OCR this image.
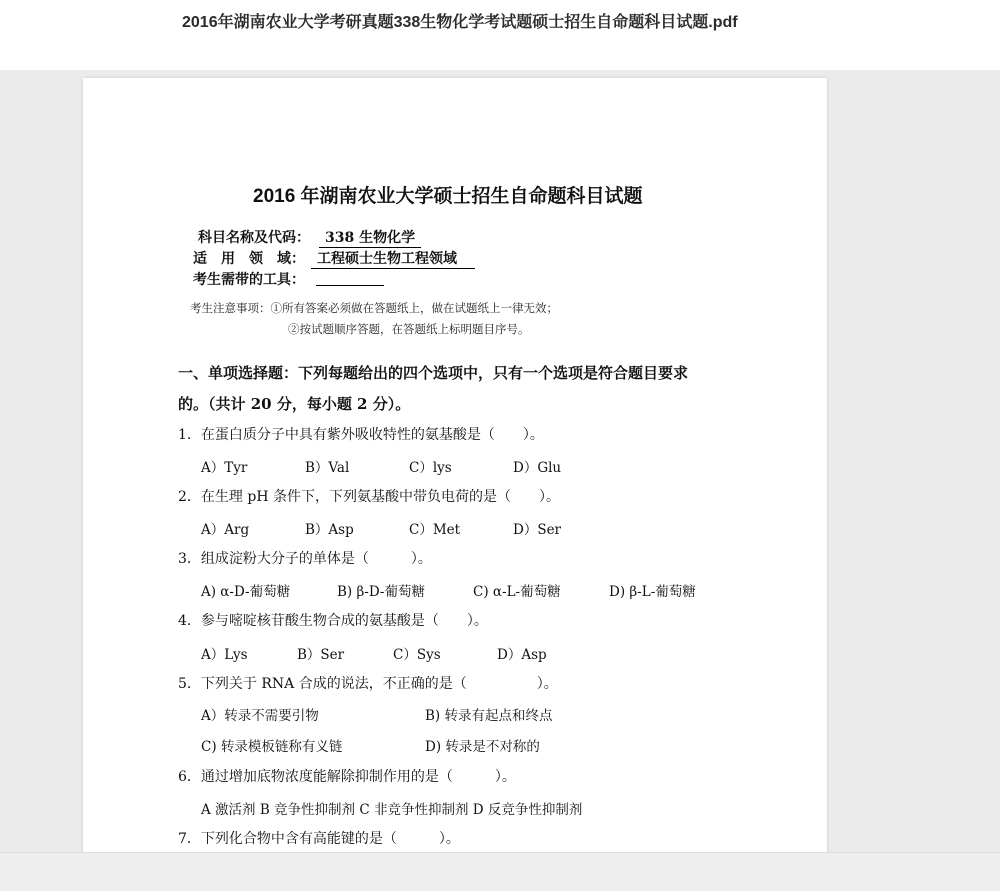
2016年湖南农业大学考研真题338生物化学考试题硕士招生自命题科目试题.pdf
2016 年湖南农业大学硕士招生自命题科目试题
科目名称及代码：	338 生物化学
适　用　领　域： 工程硕士生物工程领域
考生需带的工具：
考生注意事项：①所有答案必须做在答题纸上，做在试题纸上一律无效；
②按试题顺序答题，在答题纸上标明题目序号。
一、单项选择题：下列每题给出的四个选项中，只有一个选项是符合题目要求
的。（共计 20 分，每小题 2 分）。
1．在蛋白质分子中具有紫外吸收特性的氨基酸是（　　）。
A）Tyr	B）Val	C）lys	D）Glu
2．在生理 pH 条件下，下列氨基酸中带负电荷的是（　　）。
A）Arg	B）Asp	C）Met	D）Ser
3．组成淀粉大分子的单体是（　　　）。
A) α-D-葡萄糖	B) β-D-葡萄糖	C) α-L-葡萄糖	D) β-L-葡萄糖
4．参与嘧啶核苷酸生物合成的氨基酸是（　　）。
A）Lys	B）Ser	C）Sys	D）Asp
5．下列关于 RNA 合成的说法，不正确的是（　　　　　）。
A）转录不需要引物	B) 转录有起点和终点
C) 转录模板链称有义链	D) 转录是不对称的
6．通过增加底物浓度能解除抑制作用的是（　　　）。
A 激活剂 B 竞争性抑制剂 C 非竞争性抑制剂 D 反竞争性抑制剂
7．下列化合物中含有高能键的是（　　　）。
